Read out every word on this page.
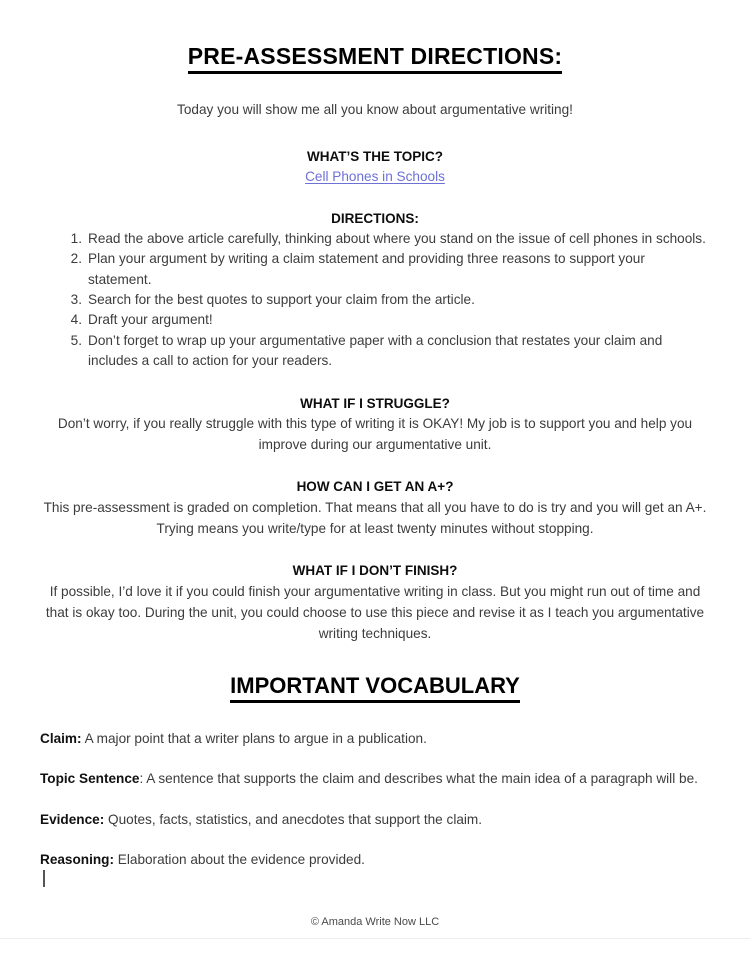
PRE-ASSESSMENT DIRECTIONS:

Today you will show me all you know about argumentative writing!

WHAT’S THE TOPIC?

Cell Phones in Schools

DIRECTIONS:

1. Read the above article carefully, thinking about where you stand on the issue of cell phones in schools.
2. Plan your argument by writing a claim statement and providing three reasons to support your statement.
3. Search for the best quotes to support your claim from the article.
4. Draft your argument!
5. Don’t forget to wrap up your argumentative paper with a conclusion that restates your claim and includes a call to action for your readers.

WHAT IF I STRUGGLE?

Don’t worry, if you really struggle with this type of writing it is OKAY! My job is to support you and help you improve during our argumentative unit.

HOW CAN I GET AN A+?

This pre-assessment is graded on completion. That means that all you have to do is try and you will get an A+. Trying means you write/type for at least twenty minutes without stopping.

WHAT IF I DON’T FINISH?

If possible, I’d love it if you could finish your argumentative writing in class. But you might run out of time and that is okay too. During the unit, you could choose to use this piece and revise it as I teach you argumentative writing techniques.

IMPORTANT VOCABULARY

Claim: A major point that a writer plans to argue in a publication.

Topic Sentence: A sentence that supports the claim and describes what the main idea of a paragraph will be.

Evidence: Quotes, facts, statistics, and anecdotes that support the claim.

Reasoning: Elaboration about the evidence provided.

© Amanda Write Now LLC
